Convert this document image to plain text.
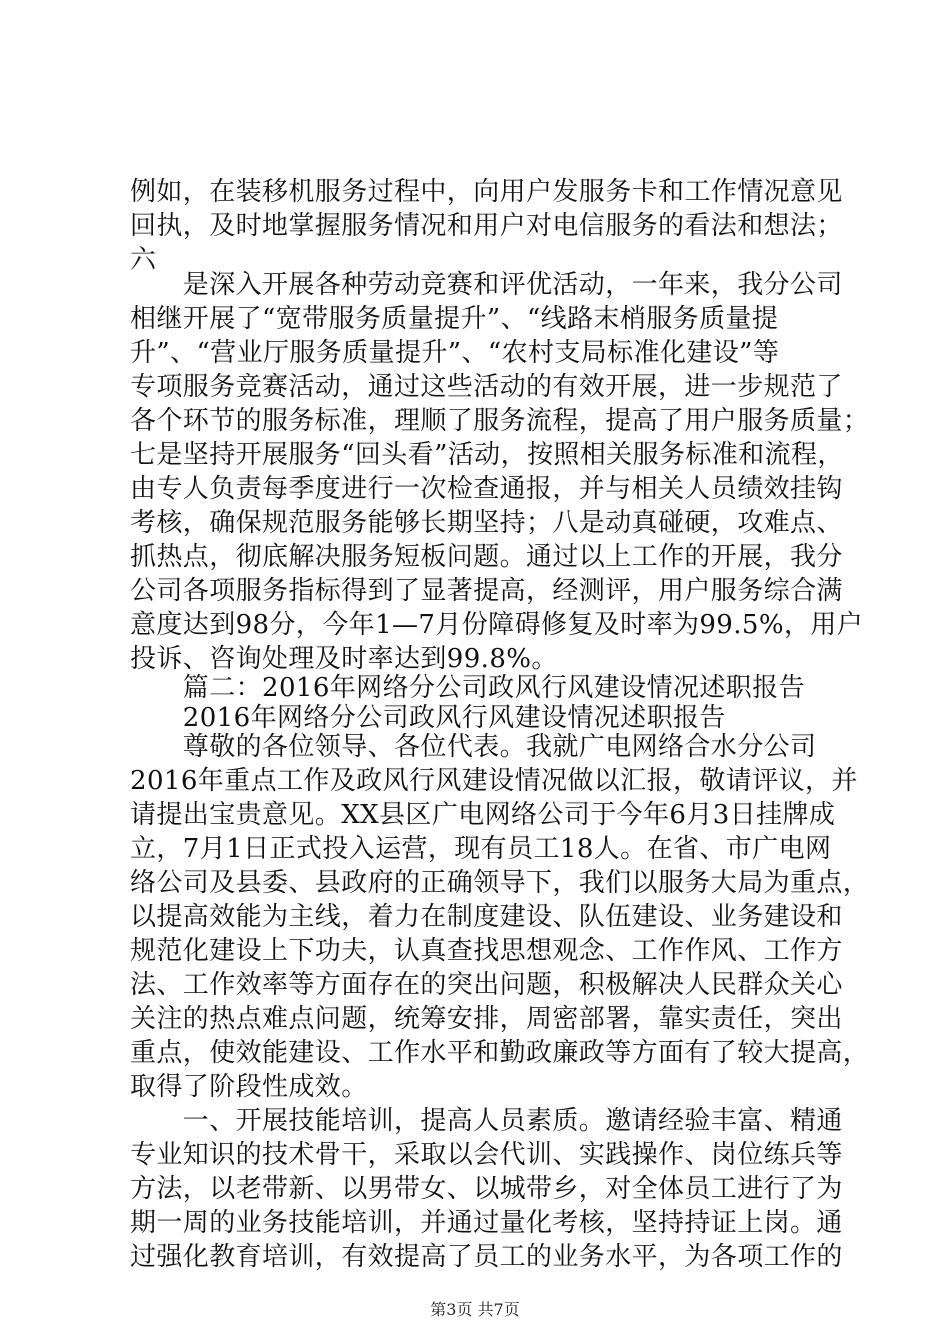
例如，在装移机服务过程中，向用户发服务卡和工作情况意见
回执，及时地掌握服务情况和用户对电信服务的看法和想法；
六
　　是深入开展各种劳动竞赛和评优活动，一年来，我分公司
相继开展了“宽带服务质量提升”、“线路末梢服务质量提
升”、“营业厅服务质量提升”、“农村支局标准化建设”等
专项服务竞赛活动，通过这些活动的有效开展，进一步规范了
各个环节的服务标准，理顺了服务流程，提高了用户服务质量；
七是坚持开展服务“回头看”活动，按照相关服务标准和流程，
由专人负责每季度进行一次检查通报，并与相关人员绩效挂钩
考核，确保规范服务能够长期坚持；八是动真碰硬，攻难点、
抓热点，彻底解决服务短板问题。通过以上工作的开展，我分
公司各项服务指标得到了显著提高，经测评，用户服务综合满
意度达到98分，今年1—7月份障碍修复及时率为99.5%，用户
投诉、咨询处理及时率达到99.8%。
　　篇二：2016年网络分公司政风行风建设情况述职报告
　　2016年网络分公司政风行风建设情况述职报告
　　尊敬的各位领导、各位代表。我就广电网络合水分公司
2016年重点工作及政风行风建设情况做以汇报，敬请评议，并
请提出宝贵意见。XX县区广电网络公司于今年6月3日挂牌成
立，7月1日正式投入运营，现有员工18人。在省、市广电网
络公司及县委、县政府的正确领导下，我们以服务大局为重点，
以提高效能为主线，着力在制度建设、队伍建设、业务建设和
规范化建设上下功夫，认真查找思想观念、工作作风、工作方
法、工作效率等方面存在的突出问题，积极解决人民群众关心
关注的热点难点问题，统筹安排，周密部署，靠实责任，突出
重点，使效能建设、工作水平和勤政廉政等方面有了较大提高，
取得了阶段性成效。
　　一、开展技能培训，提高人员素质。邀请经验丰富、精通
专业知识的技术骨干，采取以会代训、实践操作、岗位练兵等
方法，以老带新、以男带女、以城带乡，对全体员工进行了为
期一周的业务技能培训，并通过量化考核，坚持持证上岗。通
过强化教育培训，有效提高了员工的业务水平，为各项工作的
第3页 共7页
